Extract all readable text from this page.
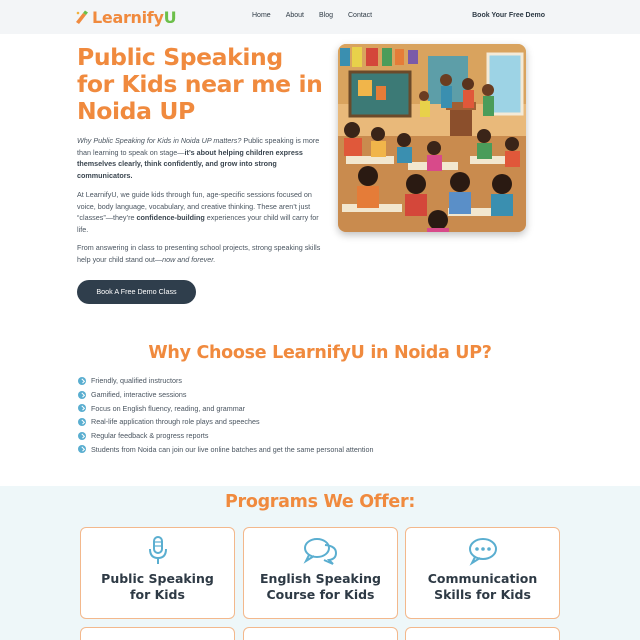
LearnifyU	Home About Blog Contact	Book Your Free Demo
Public Speaking for Kids near me in Noida UP

Why Public Speaking for Kids in Noida UP matters? Public speaking is more than learning to speak on stage—it’s about helping children express themselves clearly, think confidently, and grow into strong communicators.

At LearnifyU, we guide kids through fun, age-specific sessions focused on voice, body language, vocabulary, and creative thinking. These aren’t just “classes”—they’re confidence-building experiences your child will carry for life.

From answering in class to presenting school projects, strong speaking skills help your child stand out—now and forever.

Book A Free Demo Class
Why Choose LearnifyU in Noida UP?
Friendly, qualified instructors
Gamified, interactive sessions
Focus on English fluency, reading, and grammar
Real-life application through role plays and speeches
Regular feedback & progress reports
Students from Noida can join our live online batches and get the same personal attention
Programs We Offer:
Public Speaking
for Kids
English Speaking
Course for Kids
Communication
Skills for Kids
